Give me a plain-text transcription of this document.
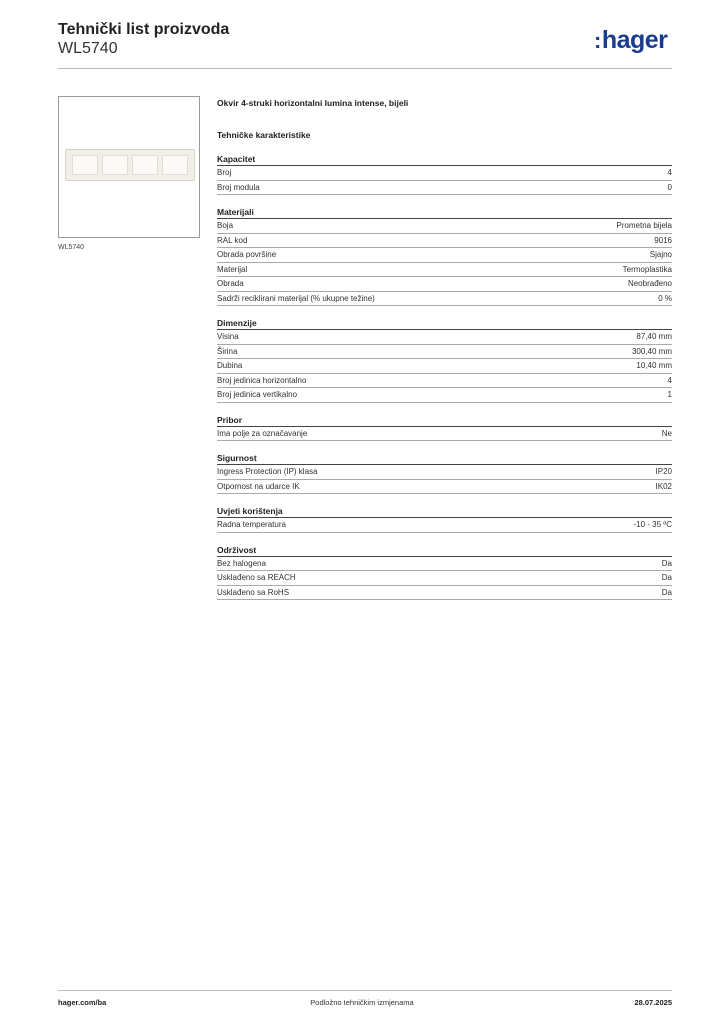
Tehnički list proizvoda
WL5740	:hager
WL5740
Okvir 4-struki horizontalni lumina intense, bijeli
Tehničke karakteristike
Kapacitet
Broj	4
Broj modula	0
Materijali
Boja	Prometna bijela
RAL kod	9016
Obrada površine	Sjajno
Materijal	Termoplastika
Obrada	Neobrađeno
Sadrži reciklirani materijal (% ukupne težine)	0 %
Dimenzije
Visina	87,40 mm
Širina	300,40 mm
Dubina	10,40 mm
Broj jedinica horizontalno	4
Broj jedinica vertikalno	1
Pribor
Ima polje za označavanje	Ne
Sigurnost
Ingress Protection (IP) klasa	IP20
Otpornost na udarce IK	IK02
Uvjeti korištenja
Radna temperatura	-10 - 35 ºC
Održivost
Bez halogena	Da
Usklađeno sa REACH	Da
Usklađeno sa RoHS	Da
hager.com/ba	Podložno tehničkim izmjenama	28.07.2025
